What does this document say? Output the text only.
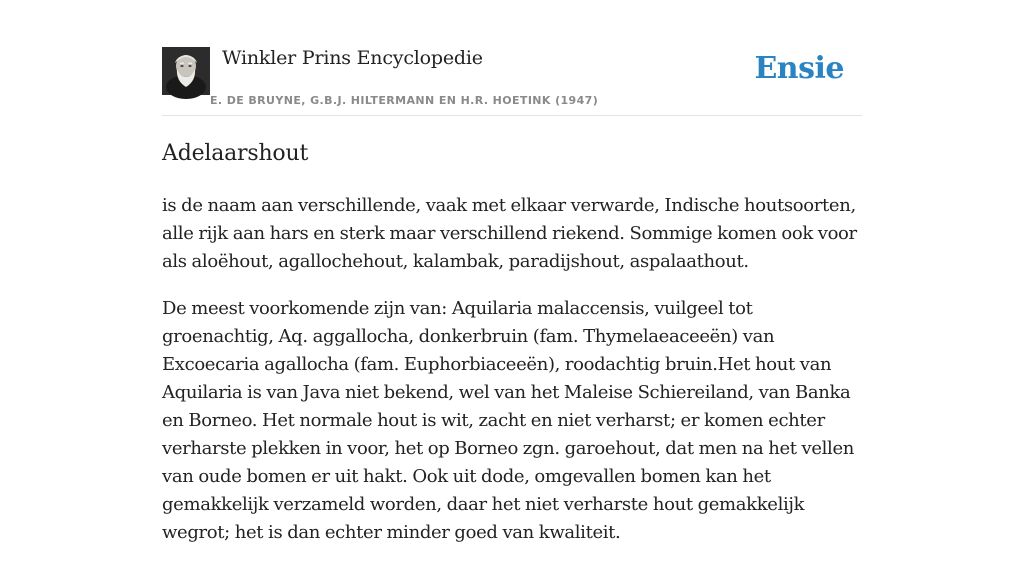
Winkler Prins Encyclopedie
E. DE BRUYNE, G.B.J. HILTERMANN EN H.R. HOETINK (1947)
Ensie
Adelaarshout

is de naam aan verschillende, vaak met elkaar verwarde, Indische houtsoorten, alle rijk aan hars en sterk maar verschillend riekend. Sommige komen ook voor als aloëhout, agallochehout, kalambak, paradijshout, aspalaathout.

De meest voorkomende zijn van: Aquilaria malaccensis, vuilgeel tot groenachtig, Aq. aggallocha, donkerbruin (fam. Thymelaeaceeën) van Excoecaria agallocha (fam. Euphorbiaceeën), roodachtig bruin.Het hout van Aquilaria is van Java niet bekend, wel van het Maleise Schiereiland, van Banka en Borneo. Het normale hout is wit, zacht en niet verharst; er komen echter verharste plekken in voor, het op Borneo zgn. garoehout, dat men na het vellen van oude bomen er uit hakt. Ook uit dode, omgevallen bomen kan het gemakkelijk verzameld worden, daar het niet verharste hout gemakkelijk wegrot; het is dan echter minder goed van kwaliteit.
